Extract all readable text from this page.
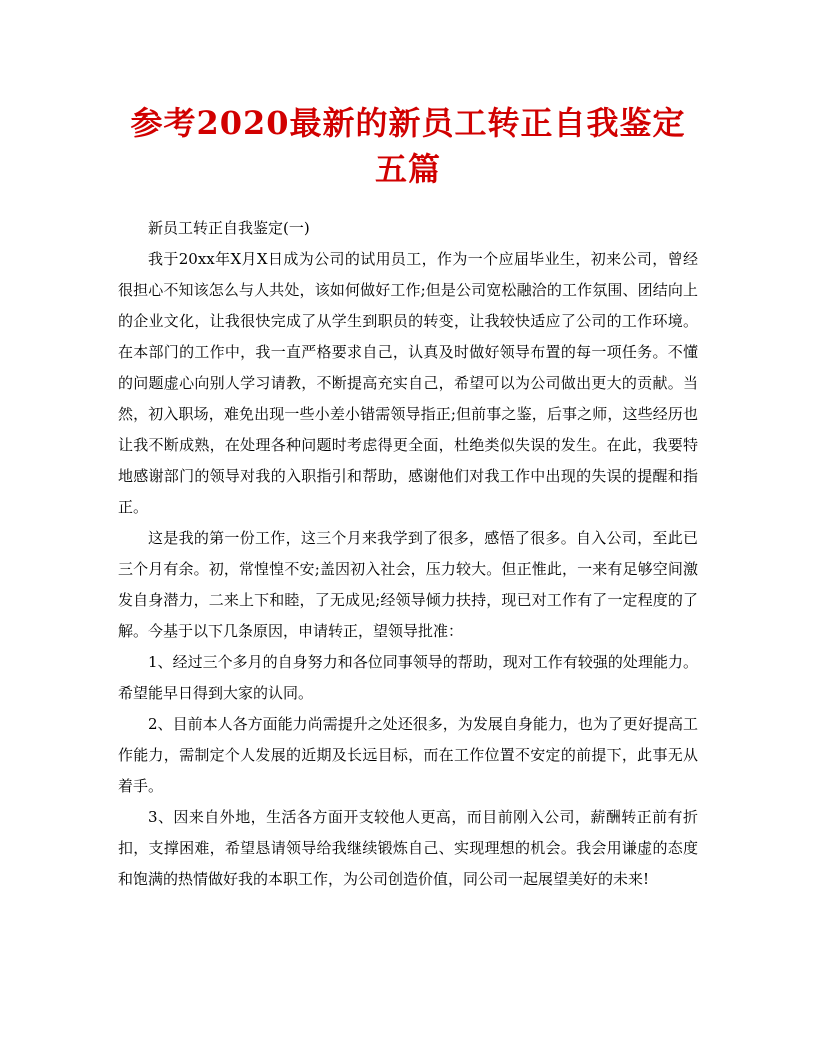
参考2020最新的新员工转正自我鉴定五篇

新员工转正自我鉴定(一)

我于20xx年X月X日成为公司的试用员工，作为一个应届毕业生，初来公司，曾经很担心不知该怎么与人共处，该如何做好工作;但是公司宽松融洽的工作氛围、团结向上的企业文化，让我很快完成了从学生到职员的转变，让我较快适应了公司的工作环境。在本部门的工作中，我一直严格要求自己，认真及时做好领导布置的每一项任务。不懂的问题虚心向别人学习请教，不断提高充实自己，希望可以为公司做出更大的贡献。当然，初入职场，难免出现一些小差小错需领导指正;但前事之鉴，后事之师，这些经历也让我不断成熟，在处理各种问题时考虑得更全面，杜绝类似失误的发生。在此，我要特地感谢部门的领导对我的入职指引和帮助，感谢他们对我工作中出现的失误的提醒和指正。

这是我的第一份工作，这三个月来我学到了很多，感悟了很多。自入公司，至此已三个月有余。初，常惶惶不安;盖因初入社会，压力较大。但正惟此，一来有足够空间激发自身潜力，二来上下和睦，了无成见;经领导倾力扶持，现已对工作有了一定程度的了解。今基于以下几条原因，申请转正，望领导批准：

1、经过三个多月的自身努力和各位同事领导的帮助，现对工作有较强的处理能力。希望能早日得到大家的认同。

2、目前本人各方面能力尚需提升之处还很多，为发展自身能力，也为了更好提高工作能力，需制定个人发展的近期及长远目标，而在工作位置不安定的前提下，此事无从着手。

3、因来自外地，生活各方面开支较他人更高，而目前刚入公司，薪酬转正前有折扣，支撑困难，希望恳请领导给我继续锻炼自己、实现理想的机会。我会用谦虚的态度和饱满的热情做好我的本职工作，为公司创造价值，同公司一起展望美好的未来!
